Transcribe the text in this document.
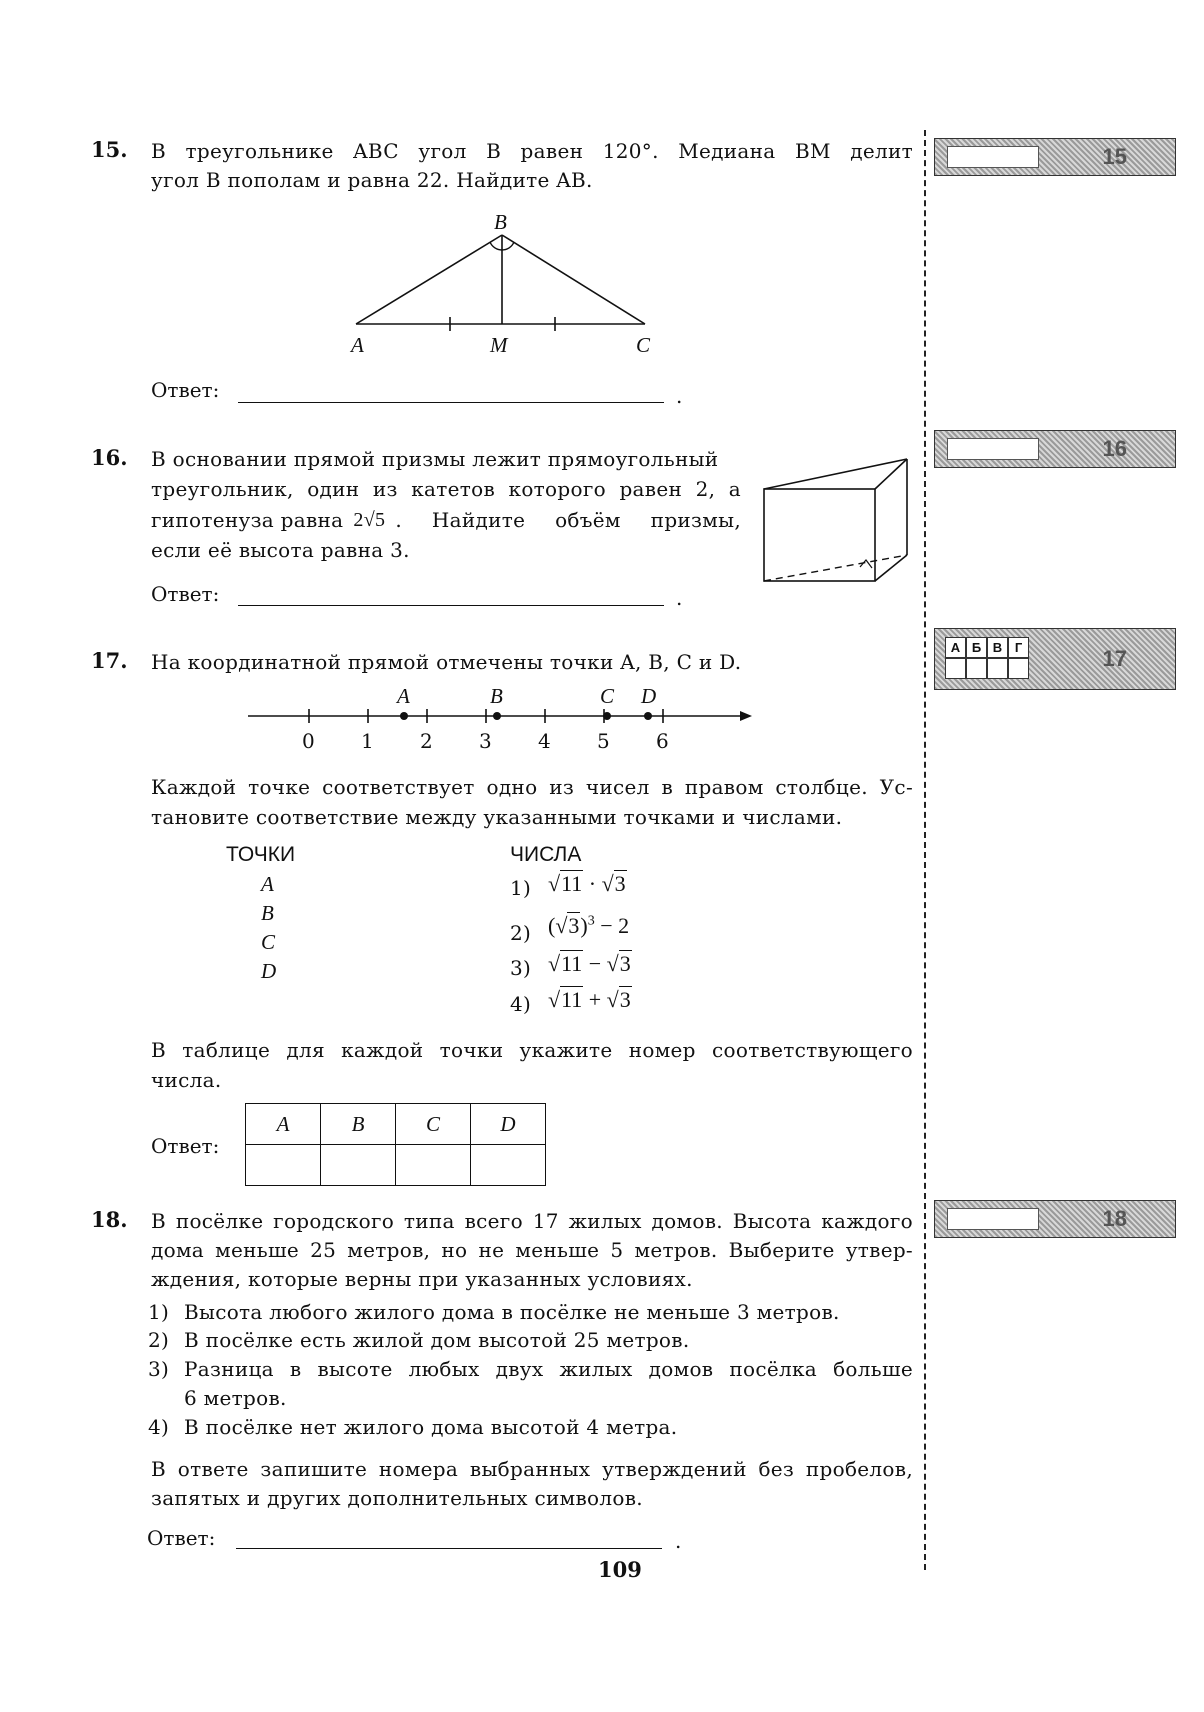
15. В треугольнике ABC угол B равен 120°. Медиана BM делит
угол B пополам и равна 22. Найдите AB.
B
A	M	C
Ответ:	.
15
16. В основании прямой призмы лежит прямоугольный
треугольник, один из катетов которого равен 2, а
гипотенуза равна 2√5 . Найдите объём призмы,
если её высота равна 3.
Ответ:	.
16
17. На координатной прямой отмечены точки A, B, C и D.
A	B	C D
0 1 2 3 4 5 6
Каждой точке соответствует одно из чисел в правом столбце. Ус-
тановите соответствие между указанными точками и числами.
ТОЧКИ	ЧИСЛА
A
B
C
D
1) √11 · √3
2) $(√3)^3 - 2$
3) √11 − √3
4) √11 + √3
В таблице для каждой точки укажите номер соответствующего
числа.
Ответ:
A	B	C	D

А Б В Г	17
18. В посёлке городского типа всего 17 жилых домов. Высота каждого
дома меньше 25 метров, но не меньше 5 метров. Выберите утвер-
ждения, которые верны при указанных условиях.
1) Высота любого жилого дома в посёлке не меньше 3 метров.
2) В посёлке есть жилой дом высотой 25 метров.
3) Разница в высоте любых двух жилых домов посёлка больше
6 метров.
4) В посёлке нет жилого дома высотой 4 метра.
В ответе запишите номера выбранных утверждений без пробелов,
запятых и других дополнительных символов.
Ответ:	.
18
109
